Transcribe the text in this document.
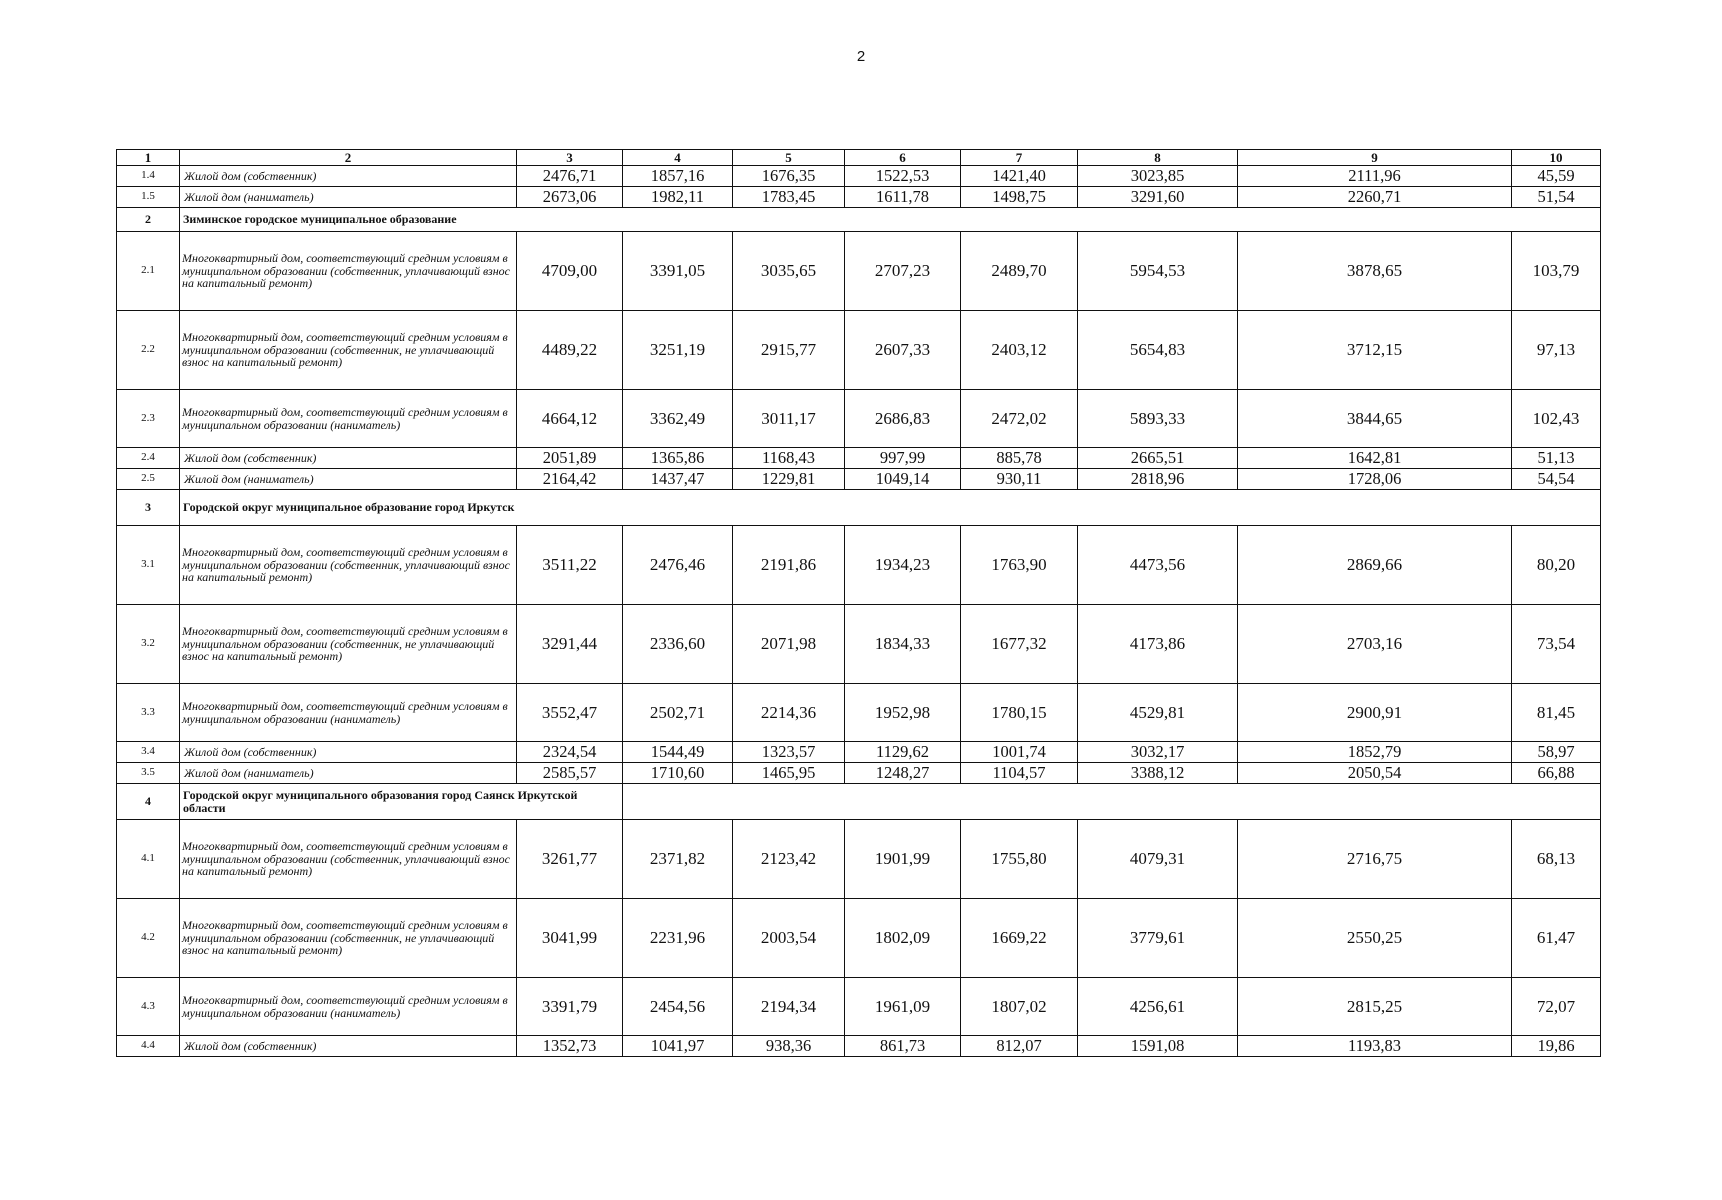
2
1	2	3	4	5	6	7	8	9	10
1.4	Жилой дом (собственник)	2476,71	1857,16	1676,35	1522,53	1421,40	3023,85	2111,96	45,59
1.5	Жилой дом (наниматель)	2673,06	1982,11	1783,45	1611,78	1498,75	3291,60	2260,71	51,54
2	Зиминское городское муниципальное образование								
2.1	Многоквартирный дом, соответствующий средним условиям в муниципальном образовании (собственник, уплачивающий взнос на капитальный ремонт)	4709,00	3391,05	3035,65	2707,23	2489,70	5954,53	3878,65	103,79
2.2	Многоквартирный дом, соответствующий средним условиям в муниципальном образовании (собственник, не уплачивающий взнос на капитальный ремонт)	4489,22	3251,19	2915,77	2607,33	2403,12	5654,83	3712,15	97,13
2.3	Многоквартирный дом, соответствующий средним условиям в муниципальном образовании (наниматель)	4664,12	3362,49	3011,17	2686,83	2472,02	5893,33	3844,65	102,43
2.4	Жилой дом (собственник)	2051,89	1365,86	1168,43	997,99	885,78	2665,51	1642,81	51,13
2.5	Жилой дом (наниматель)	2164,42	1437,47	1229,81	1049,14	930,11	2818,96	1728,06	54,54
3	Городской округ муниципальное образование город Иркутск								
3.1	Многоквартирный дом, соответствующий средним условиям в муниципальном образовании (собственник, уплачивающий взнос на капитальный ремонт)	3511,22	2476,46	2191,86	1934,23	1763,90	4473,56	2869,66	80,20
3.2	Многоквартирный дом, соответствующий средним условиям в муниципальном образовании (собственник, не уплачивающий взнос на капитальный ремонт)	3291,44	2336,60	2071,98	1834,33	1677,32	4173,86	2703,16	73,54
3.3	Многоквартирный дом, соответствующий средним условиям в муниципальном образовании (наниматель)	3552,47	2502,71	2214,36	1952,98	1780,15	4529,81	2900,91	81,45
3.4	Жилой дом (собственник)	2324,54	1544,49	1323,57	1129,62	1001,74	3032,17	1852,79	58,97
3.5	Жилой дом (наниматель)	2585,57	1710,60	1465,95	1248,27	1104,57	3388,12	2050,54	66,88
4	Городской округ муниципального образования город Саянск Иркутской области								
4.1	Многоквартирный дом, соответствующий средним условиям в муниципальном образовании (собственник, уплачивающий взнос на капитальный ремонт)	3261,77	2371,82	2123,42	1901,99	1755,80	4079,31	2716,75	68,13
4.2	Многоквартирный дом, соответствующий средним условиям в муниципальном образовании (собственник, не уплачивающий взнос на капитальный ремонт)	3041,99	2231,96	2003,54	1802,09	1669,22	3779,61	2550,25	61,47
4.3	Многоквартирный дом, соответствующий средним условиям в муниципальном образовании (наниматель)	3391,79	2454,56	2194,34	1961,09	1807,02	4256,61	2815,25	72,07
4.4	Жилой дом (собственник)	1352,73	1041,97	938,36	861,73	812,07	1591,08	1193,83	19,86
